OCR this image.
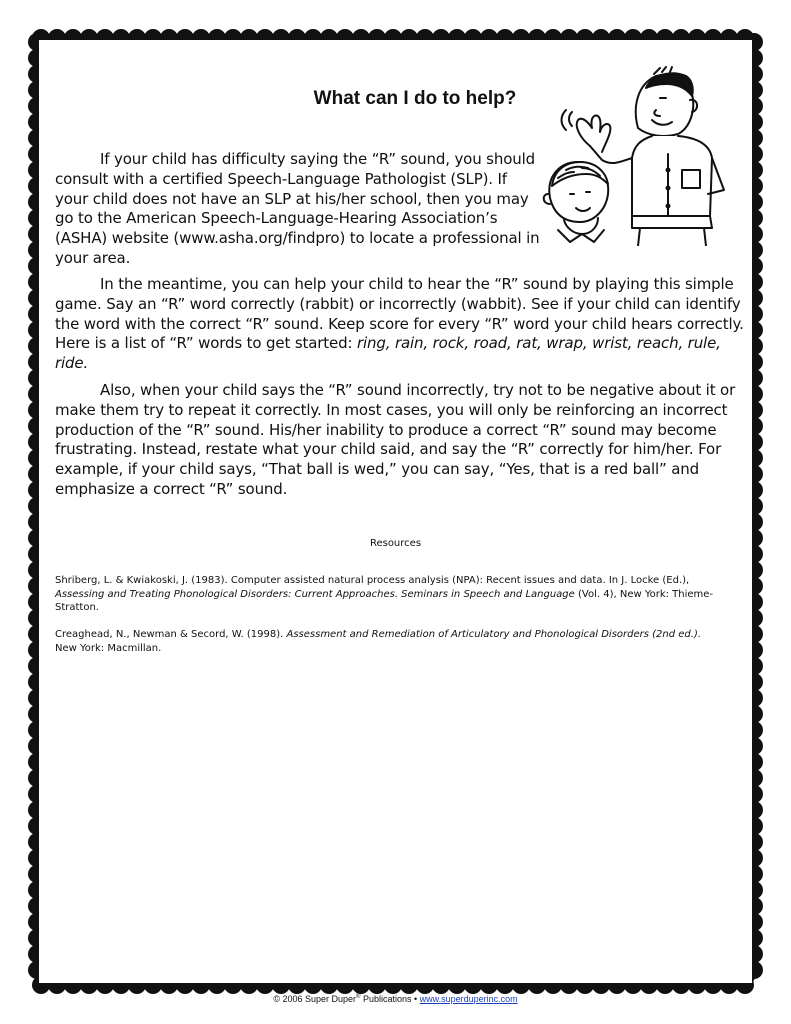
What can I do to help?

If your child has difficulty saying the “R” sound, you should consult with a certified Speech-Language Pathologist (SLP). If your child does not have an SLP at his/her school, then you may go to the American Speech-Language-Hearing Association’s (ASHA) website (www.asha.org/findpro) to locate a professional in your area.

In the meantime, you can help your child to hear the “R” sound by playing this simple game. Say an “R” word correctly (rabbit) or incorrectly (wabbit). See if your child can identify the word with the correct “R” sound. Keep score for every “R” word your child hears correctly. Here is a list of “R” words to get started: ring, rain, rock, road, rat, wrap, wrist, reach, rule, ride.

Also, when your child says the “R” sound incorrectly, try not to be negative about it or make them try to repeat it correctly. In most cases, you will only be reinforcing an incorrect production of the “R” sound. His/her inability to produce a correct “R” sound may become frustrating. Instead, restate what your child said, and say the “R” correctly for him/her. For example, if your child says, “That ball is wed,” you can say, “Yes, that is a red ball” and emphasize a correct “R” sound.

Resources

Shriberg, L. & Kwiakoski, J. (1983). Computer assisted natural process analysis (NPA): Recent issues and data. In J. Locke (Ed.), Assessing and Treating Phonological Disorders: Current Approaches. Seminars in Speech and Language (Vol. 4), New York: Thieme-Stratton.

Creaghead, N., Newman & Secord, W. (1998). Assessment and Remediation of Articulatory and Phonological Disorders (2nd ed.). New York: Macmillan.

© 2006 Super Duper® Publications • www.superduperinc.com
